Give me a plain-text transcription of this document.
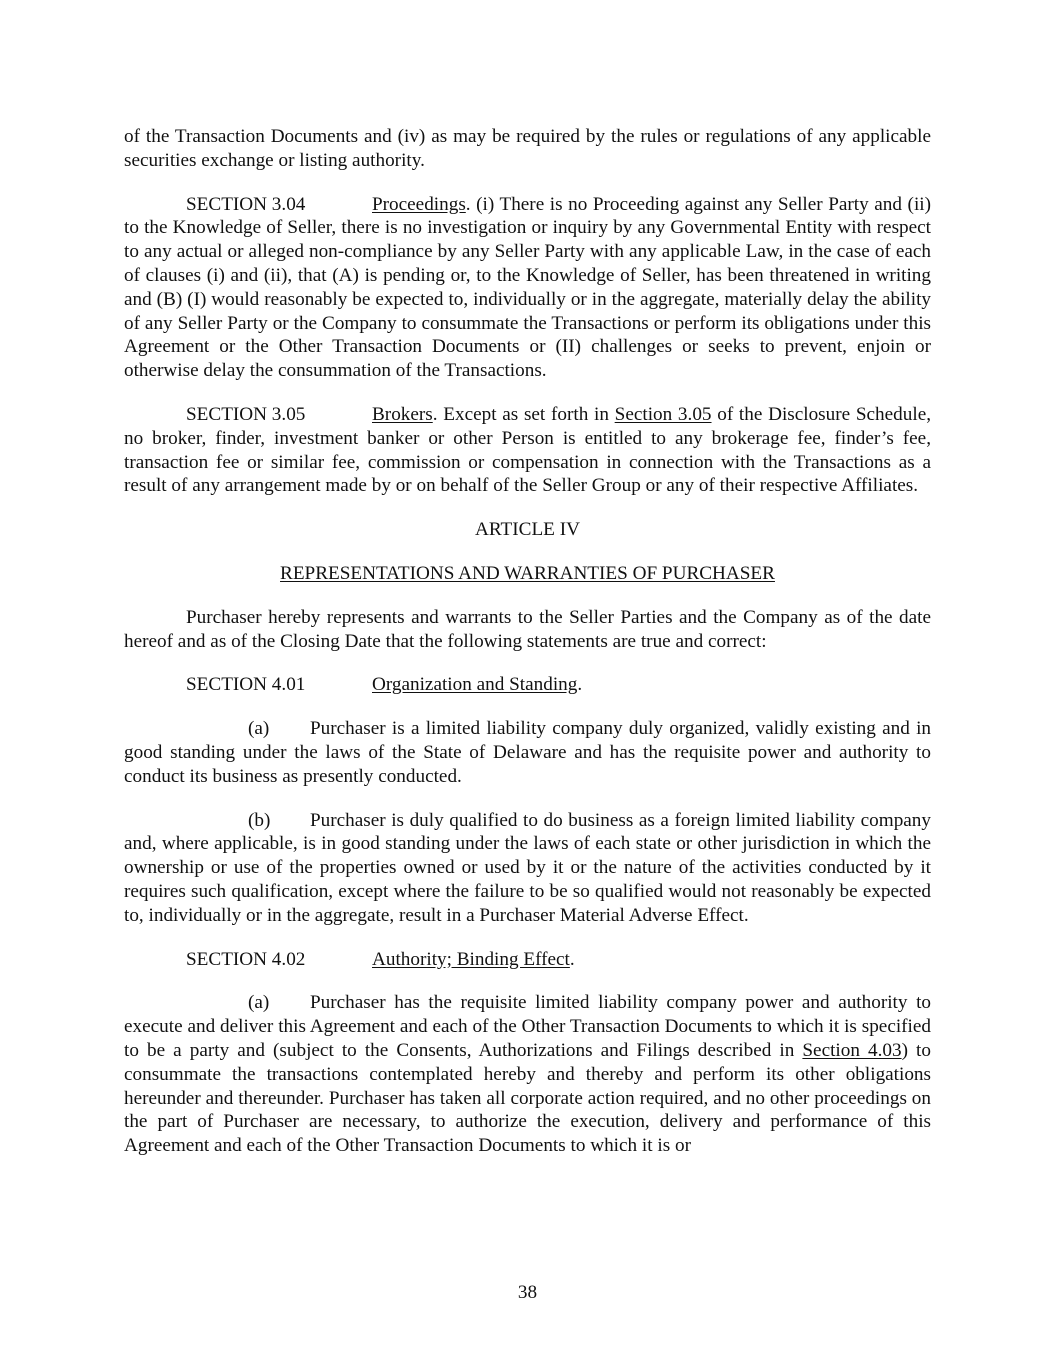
of the Transaction Documents and (iv) as may be required by the rules or regulations of any applicable securities exchange or listing authority.

SECTION 3.04	Proceedings. (i) There is no Proceeding against any Seller Party and (ii) to the Knowledge of Seller, there is no investigation or inquiry by any Governmental Entity with respect to any actual or alleged non-compliance by any Seller Party with any applicable Law, in the case of each of clauses (i) and (ii), that (A) is pending or, to the Knowledge of Seller, has been threatened in writing and (B) (I) would reasonably be expected to, individually or in the aggregate, materially delay the ability of any Seller Party or the Company to consummate the Transactions or perform its obligations under this Agreement or the Other Transaction Documents or (II) challenges or seeks to prevent, enjoin or otherwise delay the consummation of the Transactions.

SECTION 3.05	Brokers. Except as set forth in Section 3.05 of the Disclosure Schedule, no broker, finder, investment banker or other Person is entitled to any brokerage fee, finder’s fee, transaction fee or similar fee, commission or compensation in connection with the Transactions as a result of any arrangement made by or on behalf of the Seller Group or any of their respective Affiliates.

ARTICLE IV

REPRESENTATIONS AND WARRANTIES OF PURCHASER

Purchaser hereby represents and warrants to the Seller Parties and the Company as of the date hereof and as of the Closing Date that the following statements are true and correct:

SECTION 4.01	Organization and Standing.

(a) Purchaser is a limited liability company duly organized, validly existing and in good standing under the laws of the State of Delaware and has the requisite power and authority to conduct its business as presently conducted.

(b) Purchaser is duly qualified to do business as a foreign limited liability company and, where applicable, is in good standing under the laws of each state or other jurisdiction in which the ownership or use of the properties owned or used by it or the nature of the activities conducted by it requires such qualification, except where the failure to be so qualified would not reasonably be expected to, individually or in the aggregate, result in a Purchaser Material Adverse Effect.

SECTION 4.02	Authority; Binding Effect.

(a) Purchaser has the requisite limited liability company power and authority to execute and deliver this Agreement and each of the Other Transaction Documents to which it is specified to be a party and (subject to the Consents, Authorizations and Filings described in Section 4.03) to consummate the transactions contemplated hereby and thereby and perform its other obligations hereunder and thereunder. Purchaser has taken all corporate action required, and no other proceedings on the part of Purchaser are necessary, to authorize the execution, delivery and performance of this Agreement and each of the Other Transaction Documents to which it is or

38
